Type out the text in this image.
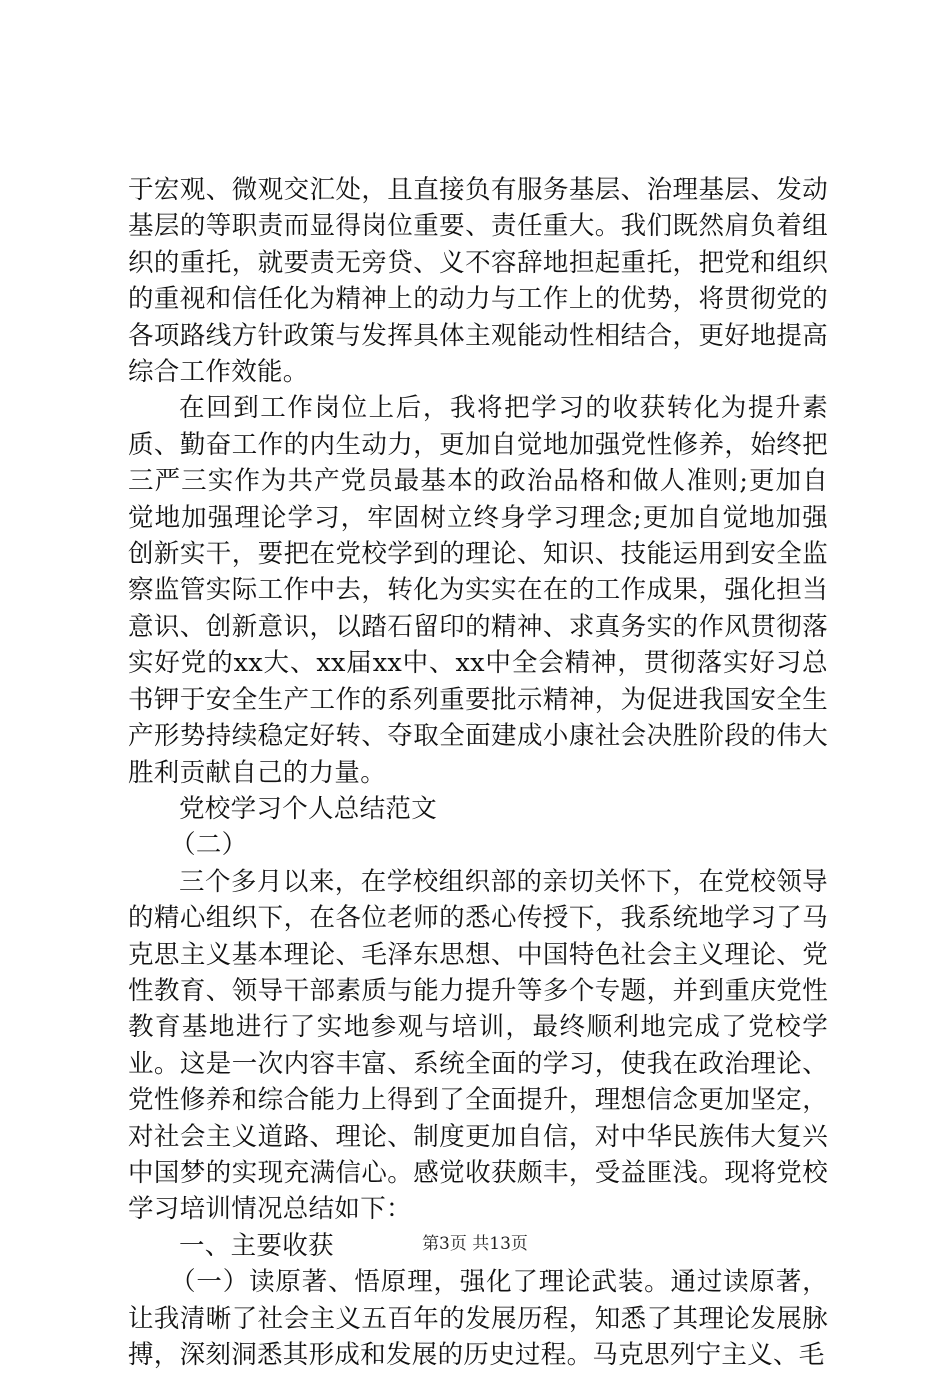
于宏观、微观交汇处，且直接负有服务基层、治理基层、发动基层的等职责而显得岗位重要、责任重大。我们既然肩负着组织的重托，就要责无旁贷、义不容辞地担起重托，把党和组织的重视和信任化为精神上的动力与工作上的优势，将贯彻党的各项路线方针政策与发挥具体主观能动性相结合，更好地提高综合工作效能。

在回到工作岗位上后，我将把学习的收获转化为提升素质、勤奋工作的内生动力，更加自觉地加强党性修养，始终把三严三实作为共产党员最基本的政治品格和做人准则;更加自觉地加强理论学习，牢固树立终身学习理念;更加自觉地加强创新实干，要把在党校学到的理论、知识、技能运用到安全监察监管实际工作中去，转化为实实在在的工作成果，强化担当意识、创新意识，以踏石留印的精神、求真务实的作风贯彻落实好党的xx大、xx届xx中、xx中全会精神，贯彻落实好习总书钾于安全生产工作的系列重要批示精神，为促进我国安全生产形势持续稳定好转、夺取全面建成小康社会决胜阶段的伟大胜利贡献自己的力量。

党校学习个人总结范文

（二）

三个多月以来，在学校组织部的亲切关怀下，在党校领导的精心组织下，在各位老师的悉心传授下，我系统地学习了马克思主义基本理论、毛泽东思想、中国特色社会主义理论、党性教育、领导干部素质与能力提升等多个专题，并到重庆党性教育基地进行了实地参观与培训，最终顺利地完成了党校学业。这是一次内容丰富、系统全面的学习，使我在政治理论、党性修养和综合能力上得到了全面提升，理想信念更加坚定，对社会主义道路、理论、制度更加自信，对中华民族伟大复兴中国梦的实现充满信心。感觉收获颇丰，受益匪浅。现将党校学习培训情况总结如下：

一、主要收获

（一）读原著、悟原理，强化了理论武装。通过读原著，让我清晰了社会主义五百年的发展历程，知悉了其理论发展脉搏，深刻洞悉其形成和发展的历史过程。马克思列宁主义、毛

第3页 共13页
